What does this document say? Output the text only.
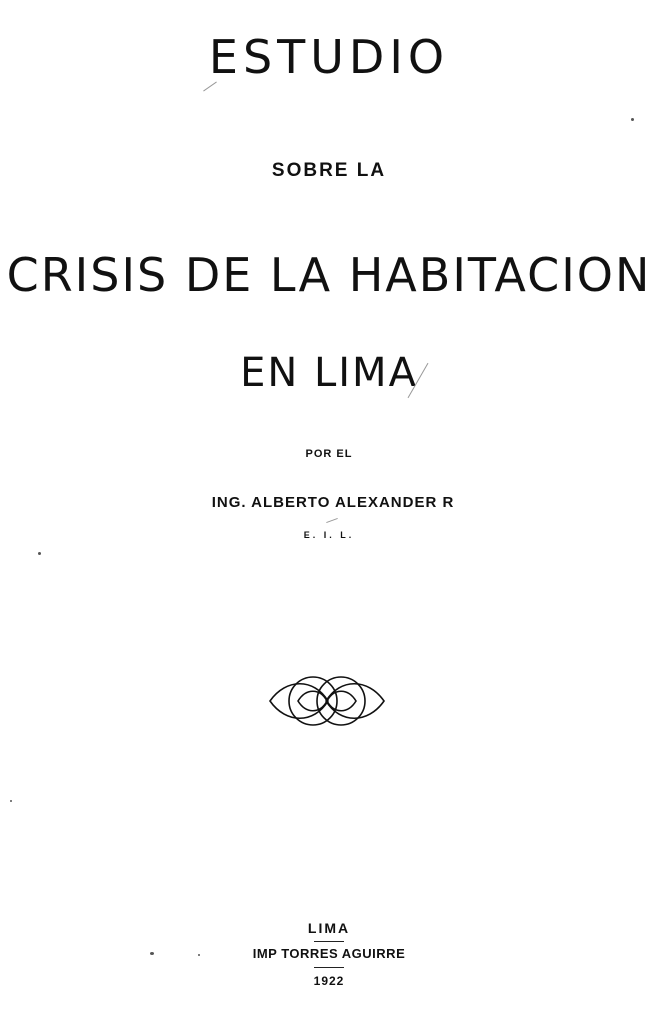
ESTUDIO
SOBRE LA
CRISIS DE LA HABITACION
EN LIMA
POR EL
ING. ALBERTO ALEXANDER R
E. I. L.
LIMA
IMP TORRES AGUIRRE
1922
